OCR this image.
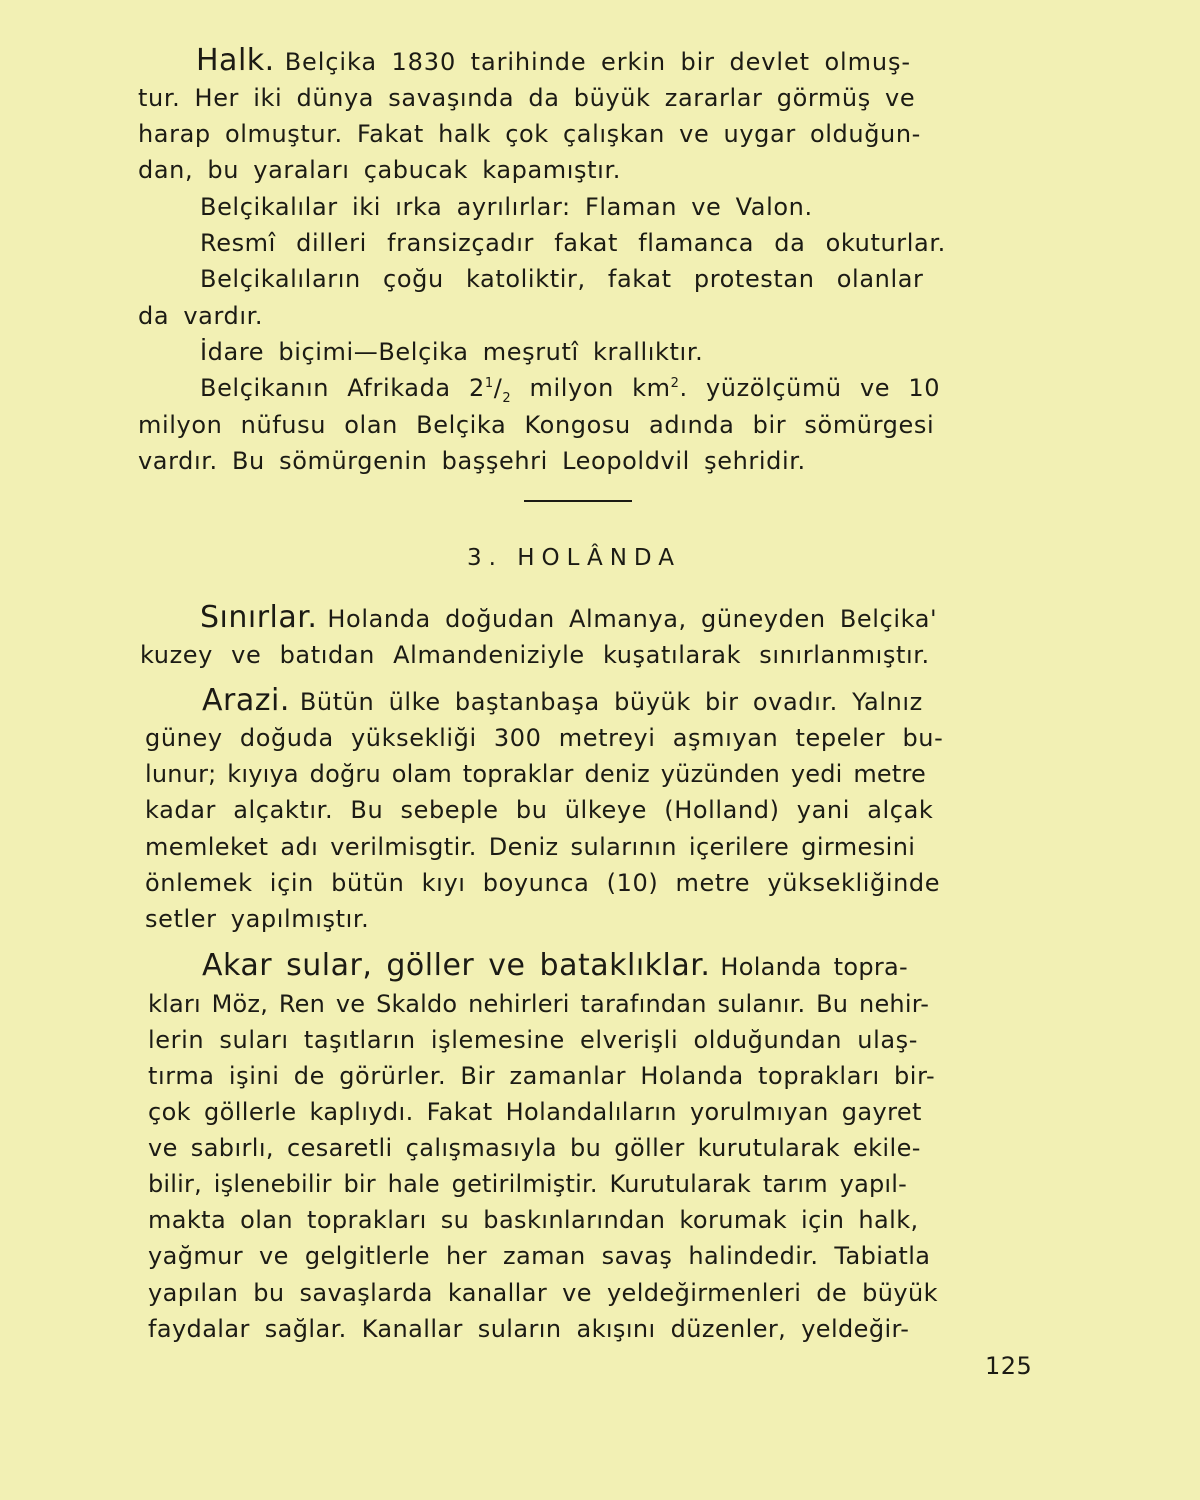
Halk. Belçika 1830 tarihinde erkin bir devlet olmuş-
tur. Her iki dünya savaşında da büyük zararlar görmüş ve
harap olmuştur. Fakat halk çok çalışkan ve uygar olduğun-
dan, bu yaraları çabucak kapamıştır.
Belçikalılar iki ırka ayrılırlar: Flaman ve Valon.
Resmî dilleri fransizçadır fakat flamanca da okuturlar.
Belçikalıların çoğu katoliktir, fakat protestan olanlar
da vardır.
İdare biçimi—Belçika meşrutî krallıktır.
Belçikanın Afrikada $2^1/_2$ milyon $km^2$. yüzölçümü ve 10
milyon nüfusu olan Belçika Kongosu adında bir sömürgesi
vardır. Bu sömürgenin başşehri Leopoldvil şehridir.
3. HOLÂNDA
Sınırlar. Holanda doğudan Almanya, güneyden Belçika'
kuzey ve batıdan Almandeniziyle kuşatılarak sınırlanmıştır.
Arazi. Bütün ülke baştanbaşa büyük bir ovadır. Yalnız
güney doğuda yüksekliği 300 metreyi aşmıyan tepeler bu-
lunur; kıyıya doğru olam topraklar deniz yüzünden yedi metre
kadar alçaktır. Bu sebeple bu ülkeye (Holland) yani alçak
memleket adı verilmisgtir. Deniz sularının içerilere girmesini
önlemek için bütün kıyı boyunca (10) metre yüksekliğinde
setler yapılmıştır.
Akar sular, göller ve bataklıklar. Holanda topra-
kları Möz, Ren ve Skaldo nehirleri tarafından sulanır. Bu nehir-
lerin suları taşıtların işlemesine elverişli olduğundan ulaş-
tırma işini de görürler. Bir zamanlar Holanda toprakları bir-
çok göllerle kaplıydı. Fakat Holandalıların yorulmıyan gayret
ve sabırlı, cesaretli çalışmasıyla bu göller kurutularak ekile-
bilir, işlenebilir bir hale getirilmiştir. Kurutularak tarım yapıl-
makta olan toprakları su baskınlarından korumak için halk,
yağmur ve gelgitlerle her zaman savaş halindedir. Tabiatla
yapılan bu savaşlarda kanallar ve yeldeğirmenleri de büyük
faydalar sağlar. Kanallar suların akışını düzenler, yeldeğir-
125
